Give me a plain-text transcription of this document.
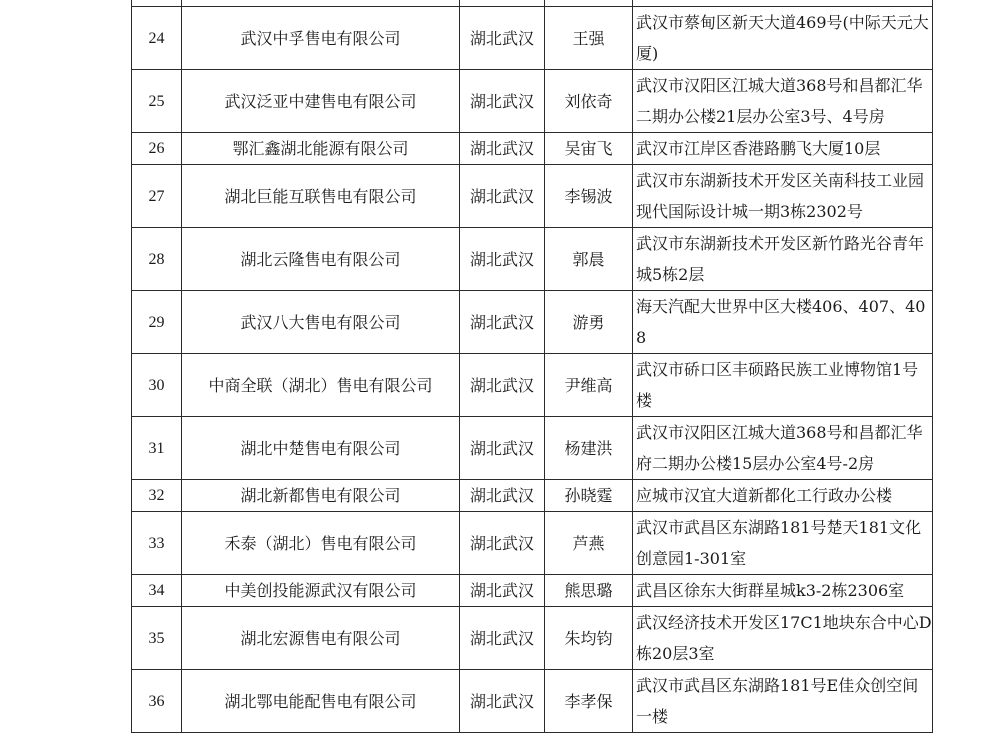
24	武汉中孚售电有限公司	湖北武汉	王强	武汉市蔡甸区新天大道469号(中际天元大厦)

25	武汉泛亚中建售电有限公司	湖北武汉	刘依奇	武汉市汉阳区江城大道368号和昌都汇华二期办公楼21层办公室3号、4号房

26	鄂汇鑫湖北能源有限公司	湖北武汉	吴宙飞	武汉市江岸区香港路鹏飞大厦10层

27	湖北巨能互联售电有限公司	湖北武汉	李锡波	武汉市东湖新技术开发区关南科技工业园现代国际设计城一期3栋2302号

28	湖北云隆售电有限公司	湖北武汉	郭晨	武汉市东湖新技术开发区新竹路光谷青年城5栋2层

29	武汉八大售电有限公司	湖北武汉	游勇	海天汽配大世界中区大楼406、407、408

30	中商全联（湖北）售电有限公司	湖北武汉	尹维高	武汉市硚口区丰硕路民族工业博物馆1号楼

31	湖北中楚售电有限公司	湖北武汉	杨建洪	武汉市汉阳区江城大道368号和昌都汇华府二期办公楼15层办公室4号-2房

32	湖北新都售电有限公司	湖北武汉	孙晓霆	应城市汉宜大道新都化工行政办公楼

33	禾泰（湖北）售电有限公司	湖北武汉	芦燕	武汉市武昌区东湖路181号楚天181文化创意园1-301室

34	中美创投能源武汉有限公司	湖北武汉	熊思璐	武昌区徐东大街群星城k3-2栋2306室

35	湖北宏源售电有限公司	湖北武汉	朱均钧	武汉经济技术开发区17C1地块东合中心D栋20层3室

36	湖北鄂电能配售电有限公司	湖北武汉	李孝保	武汉市武昌区东湖路181号E佳众创空间一楼
